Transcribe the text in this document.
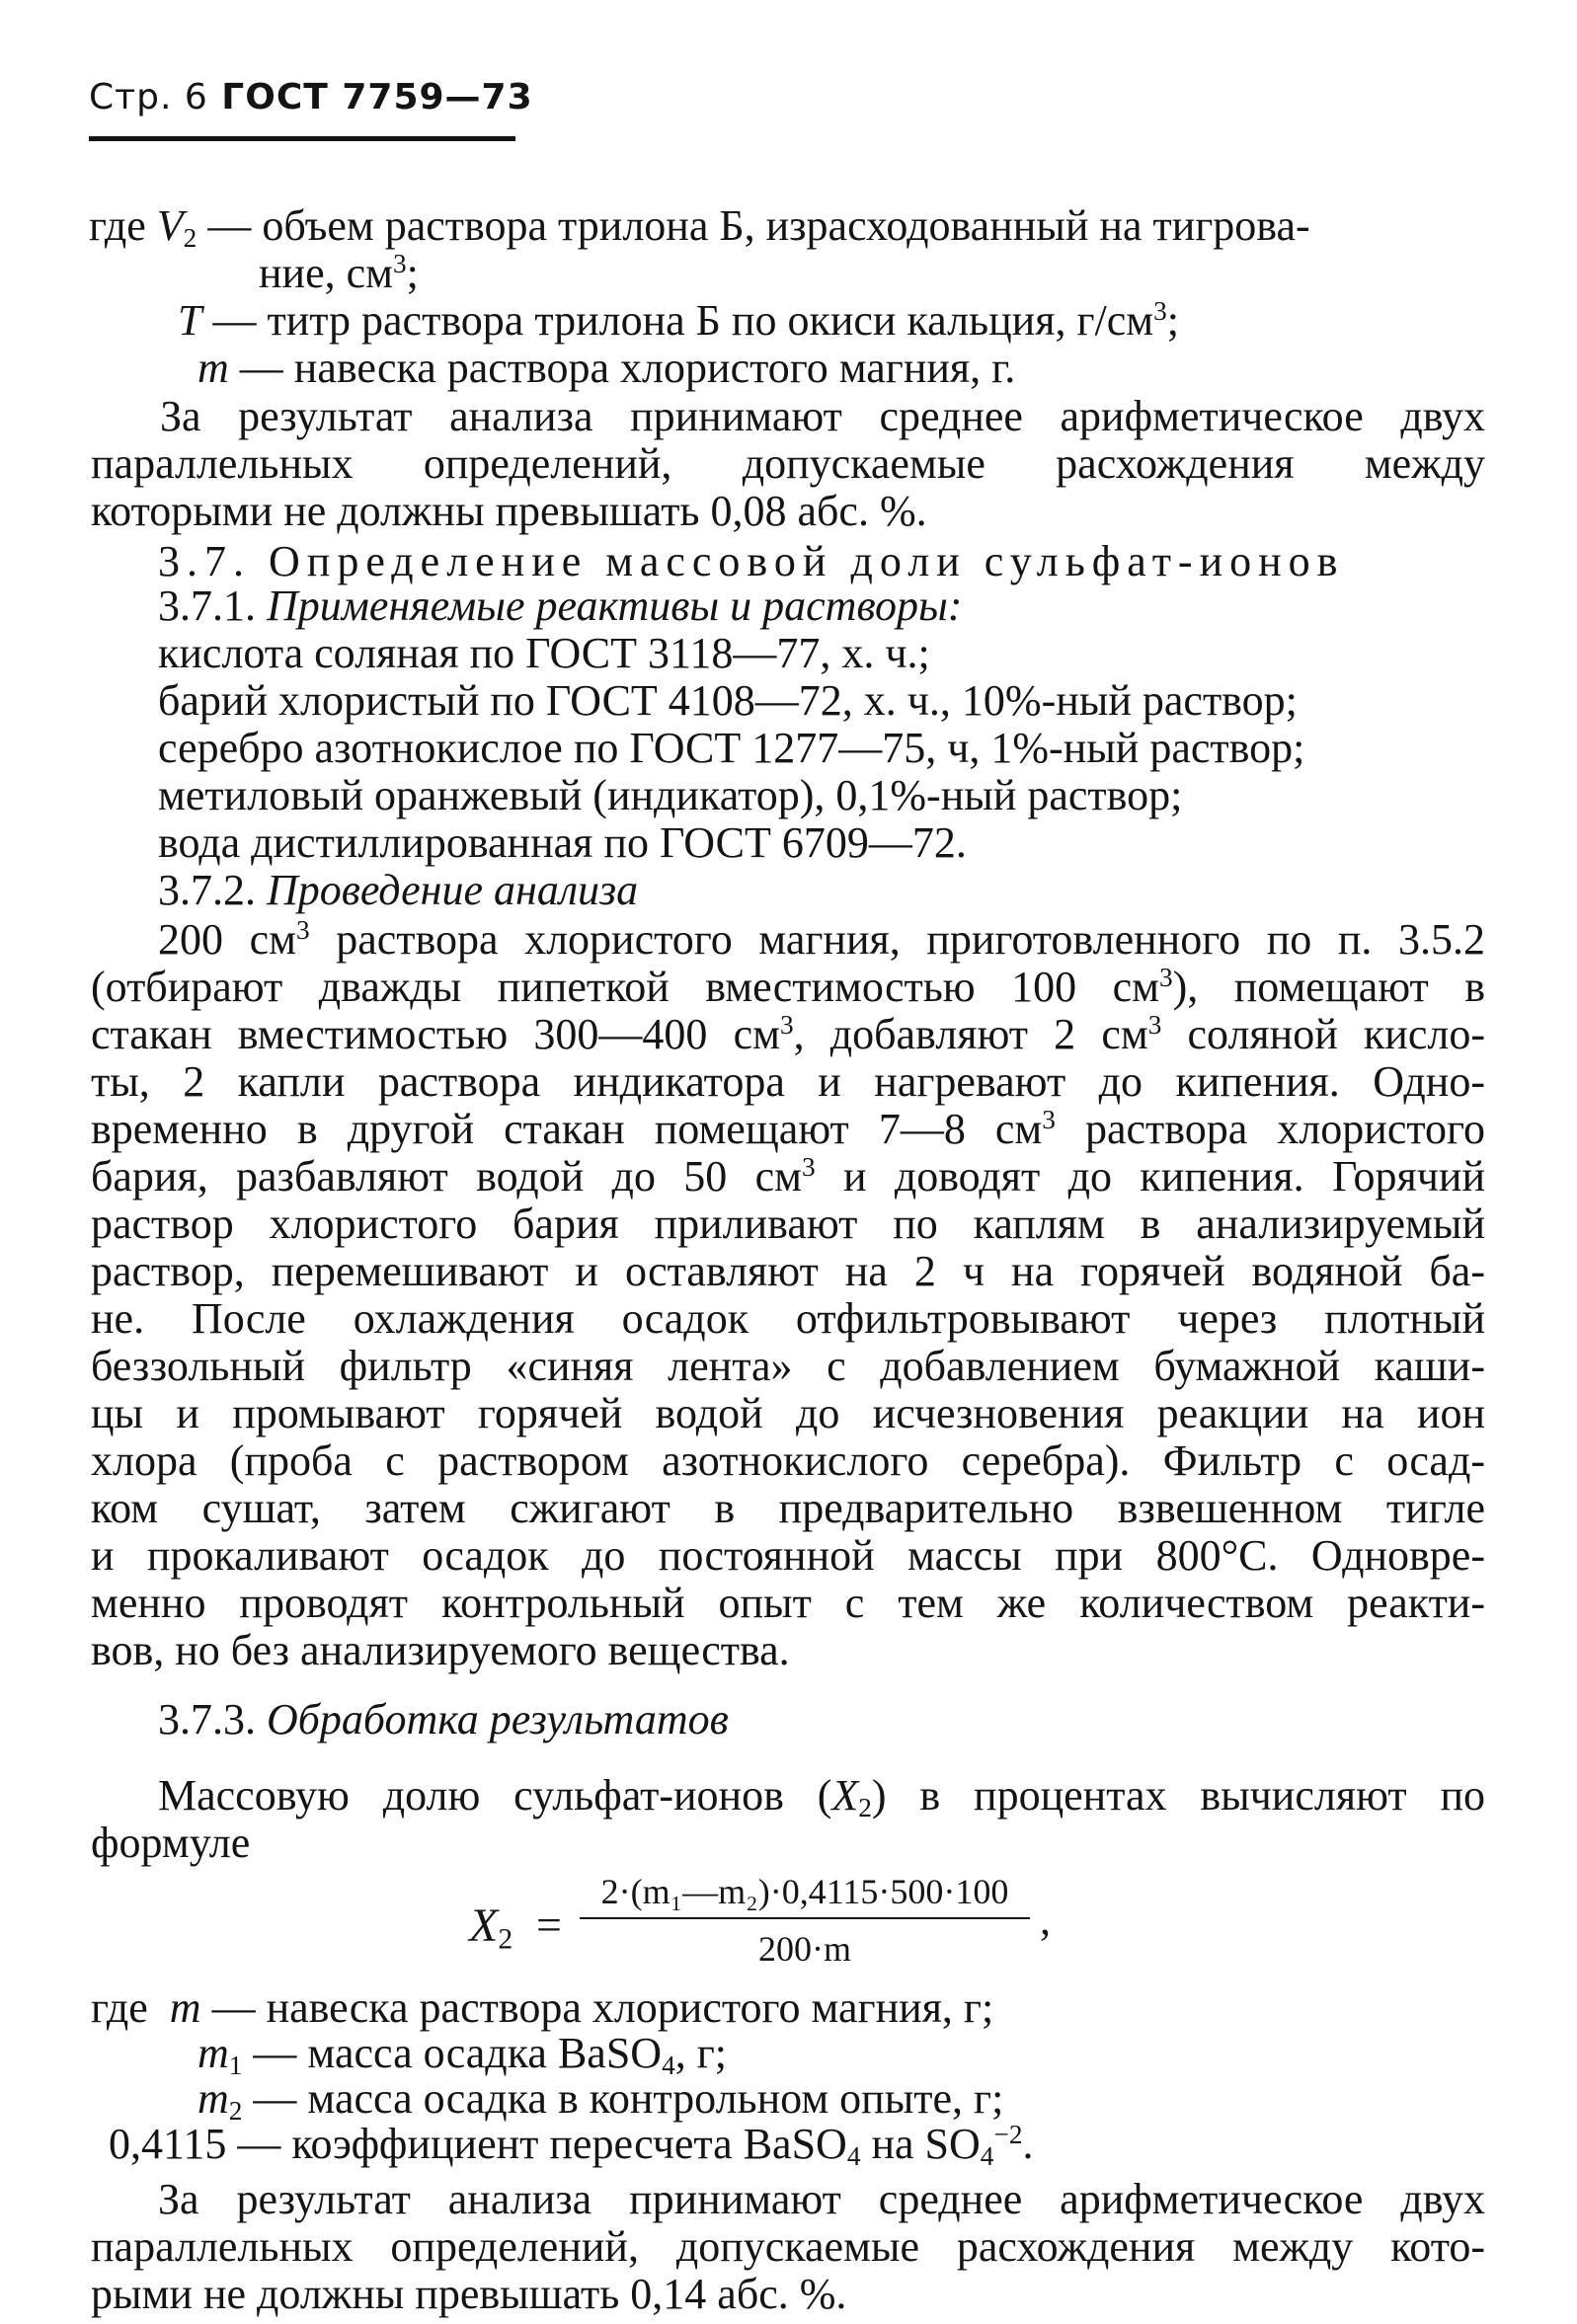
Стр. 6 ГОСТ 7759—73
где $V_2$ — объем раствора трилона Б, израсходованный на тигрова-
ние, $см^3$;
T — титр раствора трилона Б по окиси кальция, $г/см^3$;
m — навеска раствора хлористого магния, г.
За результат анализа принимают среднее арифметическое двух
параллельных определений, допускаемые расхождения между
которыми не должны превышать 0,08 абс. %.
3.7. Определение массовой доли сульфат-ионов
3.7.1. Применяемые реактивы и растворы:
кислота соляная по ГОСТ 3118—77, х. ч.;
барий хлористый по ГОСТ 4108—72, х. ч., 10%-ный раствор;
серебро азотнокислое по ГОСТ 1277—75, ч, 1%-ный раствор;
метиловый оранжевый (индикатор), 0,1%-ный раствор;
вода дистиллированная по ГОСТ 6709—72.
3.7.2. Проведение анализа
200 $см^3$ раствора хлористого магния, приготовленного по п. 3.5.2
(отбирают дважды пипеткой вместимостью 100 $см^3$), помещают в
стакан вместимостью 300—400 $см^3$, добавляют 2 $см^3$ соляной кисло-
ты, 2 капли раствора индикатора и нагревают до кипения. Одно-
временно в другой стакан помещают 7—8 $см^3$ раствора хлористого
бария, разбавляют водой до 50 $см^3$ и доводят до кипения. Горячий
раствор хлористого бария приливают по каплям в анализируемый
раствор, перемешивают и оставляют на 2 ч на горячей водяной ба-
не. После охлаждения осадок отфильтровывают через плотный
беззольный фильтр «синяя лента» с добавлением бумажной каши-
цы и промывают горячей водой до исчезновения реакции на ион
хлора (проба с раствором азотнокислого серебра). Фильтр с осад-
ком сушат, затем сжигают в предварительно взвешенном тигле
и прокаливают осадок до постоянной массы при 800°С. Одновре-
менно проводят контрольный опыт с тем же количеством реакти-
вов, но без анализируемого вещества.
3.7.3. Обработка результатов
Массовую долю сульфат-ионов $(X_2)$ в процентах вычисляют по
формуле
$X_2$ =
2·(m₁—m₂)·0,4115·500·100
200·m
,
где m — навеска раствора хлористого магния, г;
$m_1$ — масса осадка BaSO$_4$, г;
$m_2$ — масса осадка в контрольном опыте, г;
0,4115 — коэффициент пересчета BaSO$_4$ на $SO_4^{-2}$.
За результат анализа принимают среднее арифметическое двух
параллельных определений, допускаемые расхождения между кото-
рыми не должны превышать 0,14 абс. %.
